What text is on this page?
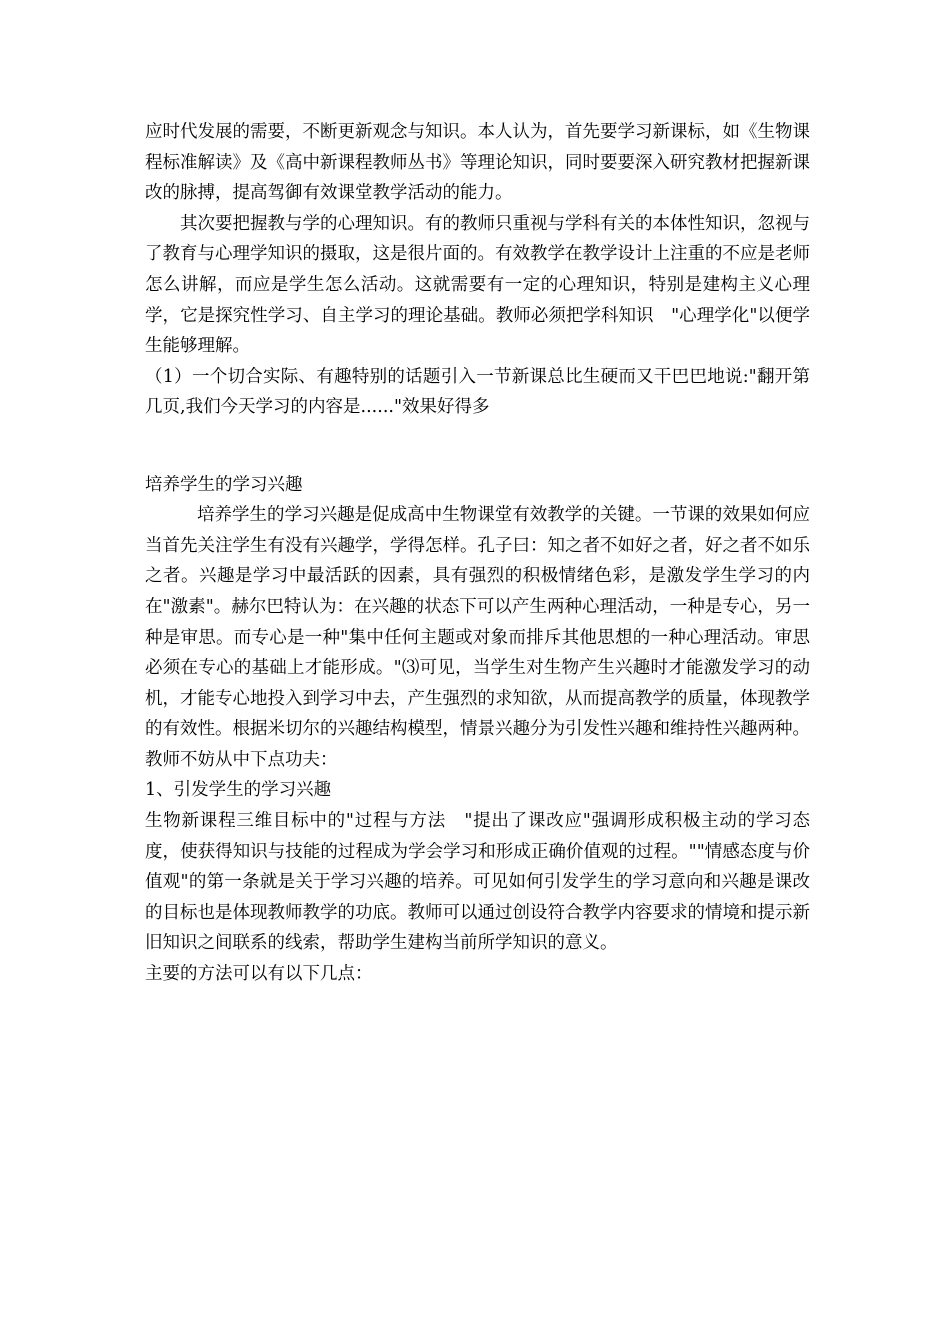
应时代发展的需要，不断更新观念与知识。本人认为，首先要学习新课标，如《生物课程标准解读》及《高中新课程教师丛书》等理论知识，同时要要深入研究教材把握新课改的脉搏，提高驾御有效课堂教学活动的能力。

其次要把握教与学的心理知识。有的教师只重视与学科有关的本体性知识，忽视与了教育与心理学知识的摄取，这是很片面的。有效教学在教学设计上注重的不应是老师怎么讲解，而应是学生怎么活动。这就需要有一定的心理知识，特别是建构主义心理学，它是探究性学习、自主学习的理论基础。教师必须把学科知识　"心理学化"以便学生能够理解。

（1）一个切合实际、有趣特别的话题引入一节新课总比生硬而又干巴巴地说:"翻开第几页,我们今天学习的内容是......"效果好得多

培养学生的学习兴趣

培养学生的学习兴趣是促成高中生物课堂有效教学的关键。一节课的效果如何应当首先关注学生有没有兴趣学，学得怎样。孔子曰：知之者不如好之者，好之者不如乐之者。兴趣是学习中最活跃的因素，具有强烈的积极情绪色彩，是激发学生学习的内在"激素"。赫尔巴特认为：在兴趣的状态下可以产生两种心理活动，一种是专心，另一种是审思。而专心是一种"集中任何主题或对象而排斥其他思想的一种心理活动。审思必须在专心的基础上才能形成。"⑶可见，当学生对生物产生兴趣时才能激发学习的动机，才能专心地投入到学习中去，产生强烈的求知欲，从而提高教学的质量，体现教学的有效性。根据米切尔的兴趣结构模型，情景兴趣分为引发性兴趣和维持性兴趣两种。教师不妨从中下点功夫：

1、引发学生的学习兴趣

生物新课程三维目标中的"过程与方法　"提出了课改应"强调形成积极主动的学习态度，使获得知识与技能的过程成为学会学习和形成正确价值观的过程。""情感态度与价值观"的第一条就是关于学习兴趣的培养。可见如何引发学生的学习意向和兴趣是课改的目标也是体现教师教学的功底。教师可以通过创设符合教学内容要求的情境和提示新旧知识之间联系的线索，帮助学生建构当前所学知识的意义。

主要的方法可以有以下几点：
